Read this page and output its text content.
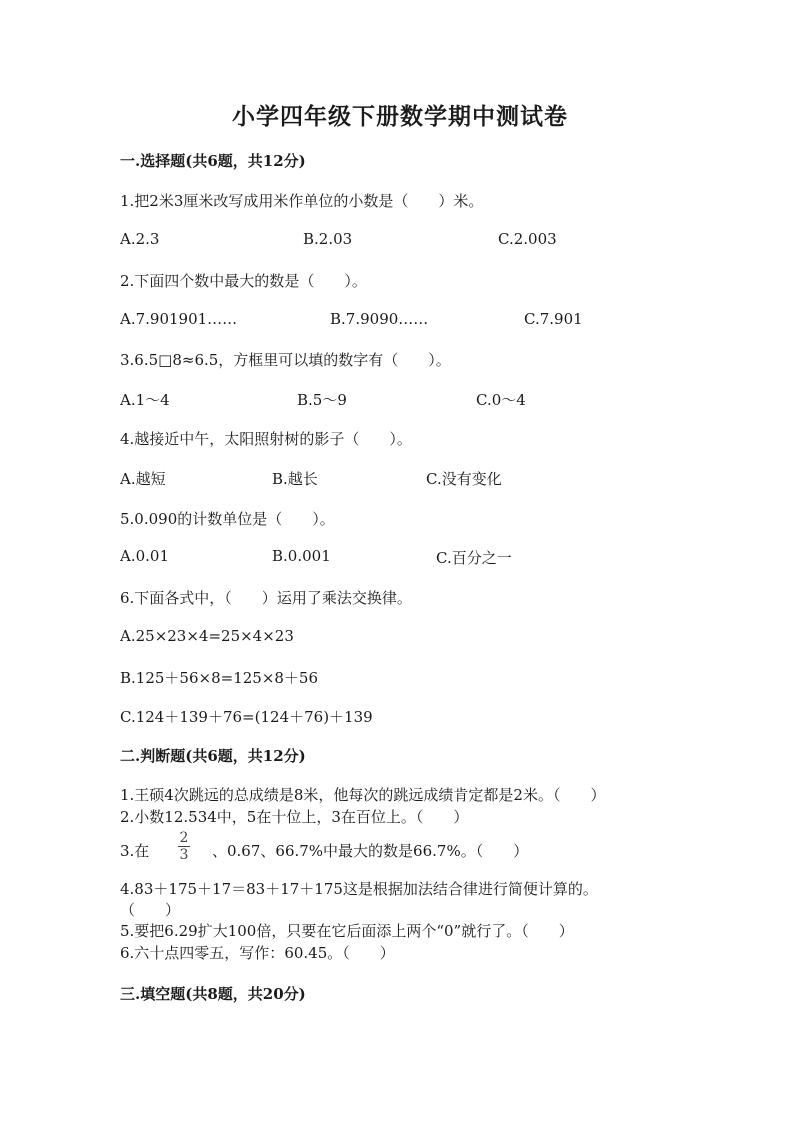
小学四年级下册数学期中测试卷
一.选择题(共6题，共12分)
1.把2米3厘米改写成用米作单位的小数是（　　）米。
A.2.3	B.2.03	C.2.003
2.下面四个数中最大的数是（　　）。
A.7.901901……	B.7.9090……	C.7.901
3.6.5□8≈6.5，方框里可以填的数字有（　　）。
A.1～4	B.5～9	C.0～4
4.越接近中午，太阳照射树的影子（　　）。
A.越短	B.越长	C.没有变化
5.0.090的计数单位是（　　）。
A.0.01	B.0.001	C.百分之一
6.下面各式中，（　　）运用了乘法交换律。
A.25×23×4=25×4×23
B.125＋56×8=125×8＋56
C.124＋139＋76=(124＋76)＋139
二.判断题(共6题，共12分)
1.王硕4次跳远的总成绩是8米，他每次的跳远成绩肯定都是2米。（　　）
2.小数12.534中，5在十位上，3在百位上。（　　）
3.在
2
3 、0.67、66.7%中最大的数是66.7%。（　　）
4.83＋175＋17＝83＋17＋175这是根据加法结合律进行简便计算的。
（　　）
5.要把6.29扩大100倍，只要在它后面添上两个“0”就行了。（　　）
6.六十点四零五，写作：60.45。（　　）
三.填空题(共8题，共20分)
